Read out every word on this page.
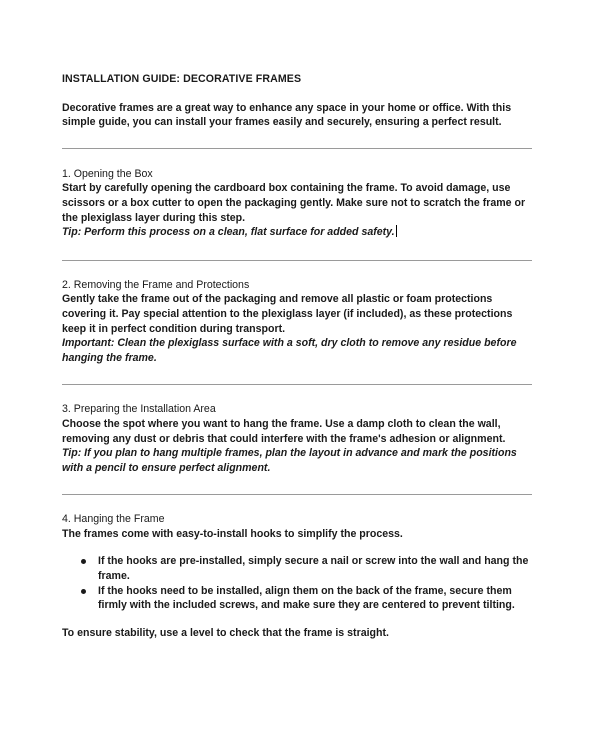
INSTALLATION GUIDE: DECORATIVE FRAMES

Decorative frames are a great way to enhance any space in your home or office. With this simple guide, you can install your frames easily and securely, ensuring a perfect result.

1. Opening the Box

Start by carefully opening the cardboard box containing the frame. To avoid damage, use scissors or a box cutter to open the packaging gently. Make sure not to scratch the frame or the plexiglass layer during this step.

Tip: Perform this process on a clean, flat surface for added safety.

2. Removing the Frame and Protections

Gently take the frame out of the packaging and remove all plastic or foam protections covering it. Pay special attention to the plexiglass layer (if included), as these protections keep it in perfect condition during transport.

Important: Clean the plexiglass surface with a soft, dry cloth to remove any residue before hanging the frame.

3. Preparing the Installation Area

Choose the spot where you want to hang the frame. Use a damp cloth to clean the wall, removing any dust or debris that could interfere with the frame's adhesion or alignment.

Tip: If you plan to hang multiple frames, plan the layout in advance and mark the positions with a pencil to ensure perfect alignment.

4. Hanging the Frame

The frames come with easy-to-install hooks to simplify the process.

If the hooks are pre-installed, simply secure a nail or screw into the wall and hang the frame.
If the hooks need to be installed, align them on the back of the frame, secure them firmly with the included screws, and make sure they are centered to prevent tilting.

To ensure stability, use a level to check that the frame is straight.
